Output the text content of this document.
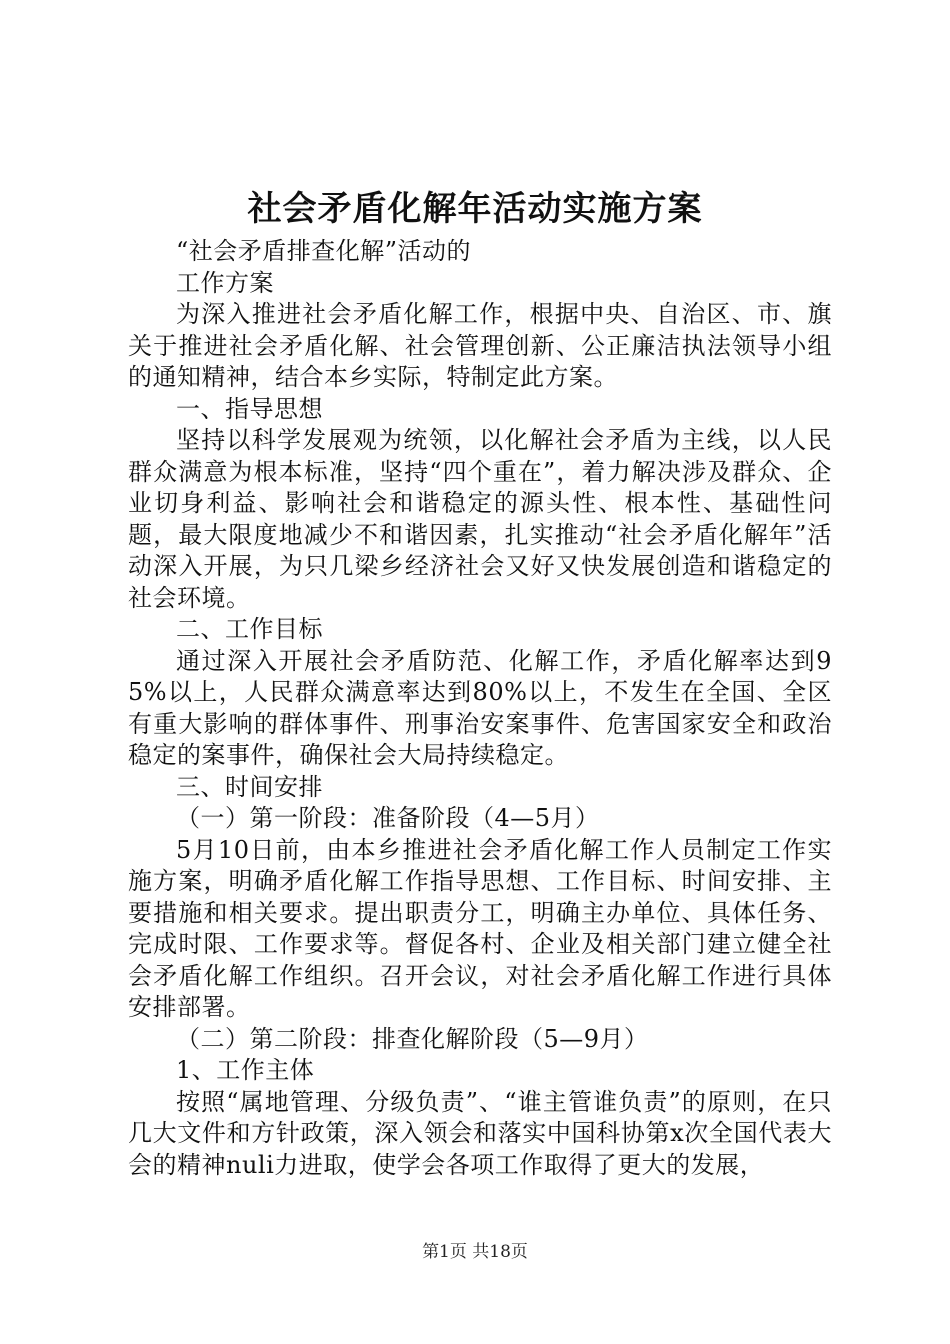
社会矛盾化解年活动实施方案

“社会矛盾排查化解”活动的

工作方案

为深入推进社会矛盾化解工作，根据中央、自治区、市、旗关于推进社会矛盾化解、社会管理创新、公正廉洁执法领导小组的通知精神，结合本乡实际，特制定此方案。

一、指导思想

坚持以科学发展观为统领，以化解社会矛盾为主线，以人民群众满意为根本标准，坚持“四个重在”，着力解决涉及群众、企业切身利益、影响社会和谐稳定的源头性、根本性、基础性问题，最大限度地减少不和谐因素，扎实推动“社会矛盾化解年”活动深入开展，为只几梁乡经济社会又好又快发展创造和谐稳定的社会环境。

二、工作目标

通过深入开展社会矛盾防范、化解工作，矛盾化解率达到95%以上，人民群众满意率达到80%以上，不发生在全国、全区有重大影响的群体事件、刑事治安案事件、危害国家安全和政治稳定的案事件，确保社会大局持续稳定。

三、时间安排

（一）第一阶段：准备阶段（4—5月）

5月10日前，由本乡推进社会矛盾化解工作人员制定工作实施方案，明确矛盾化解工作指导思想、工作目标、时间安排、主要措施和相关要求。提出职责分工，明确主办单位、具体任务、完成时限、工作要求等。督促各村、企业及相关部门建立健全社会矛盾化解工作组织。召开会议，对社会矛盾化解工作进行具体安排部署。

（二）第二阶段：排查化解阶段（5—9月）

1、工作主体

按照“属地管理、分级负责”、“谁主管谁负责”的原则，在只几大文件和方针政策，深入领会和落实中国科协第x次全国代表大会的精神nuli力进取，使学会各项工作取得了更大的发展，

第1页 共18页
